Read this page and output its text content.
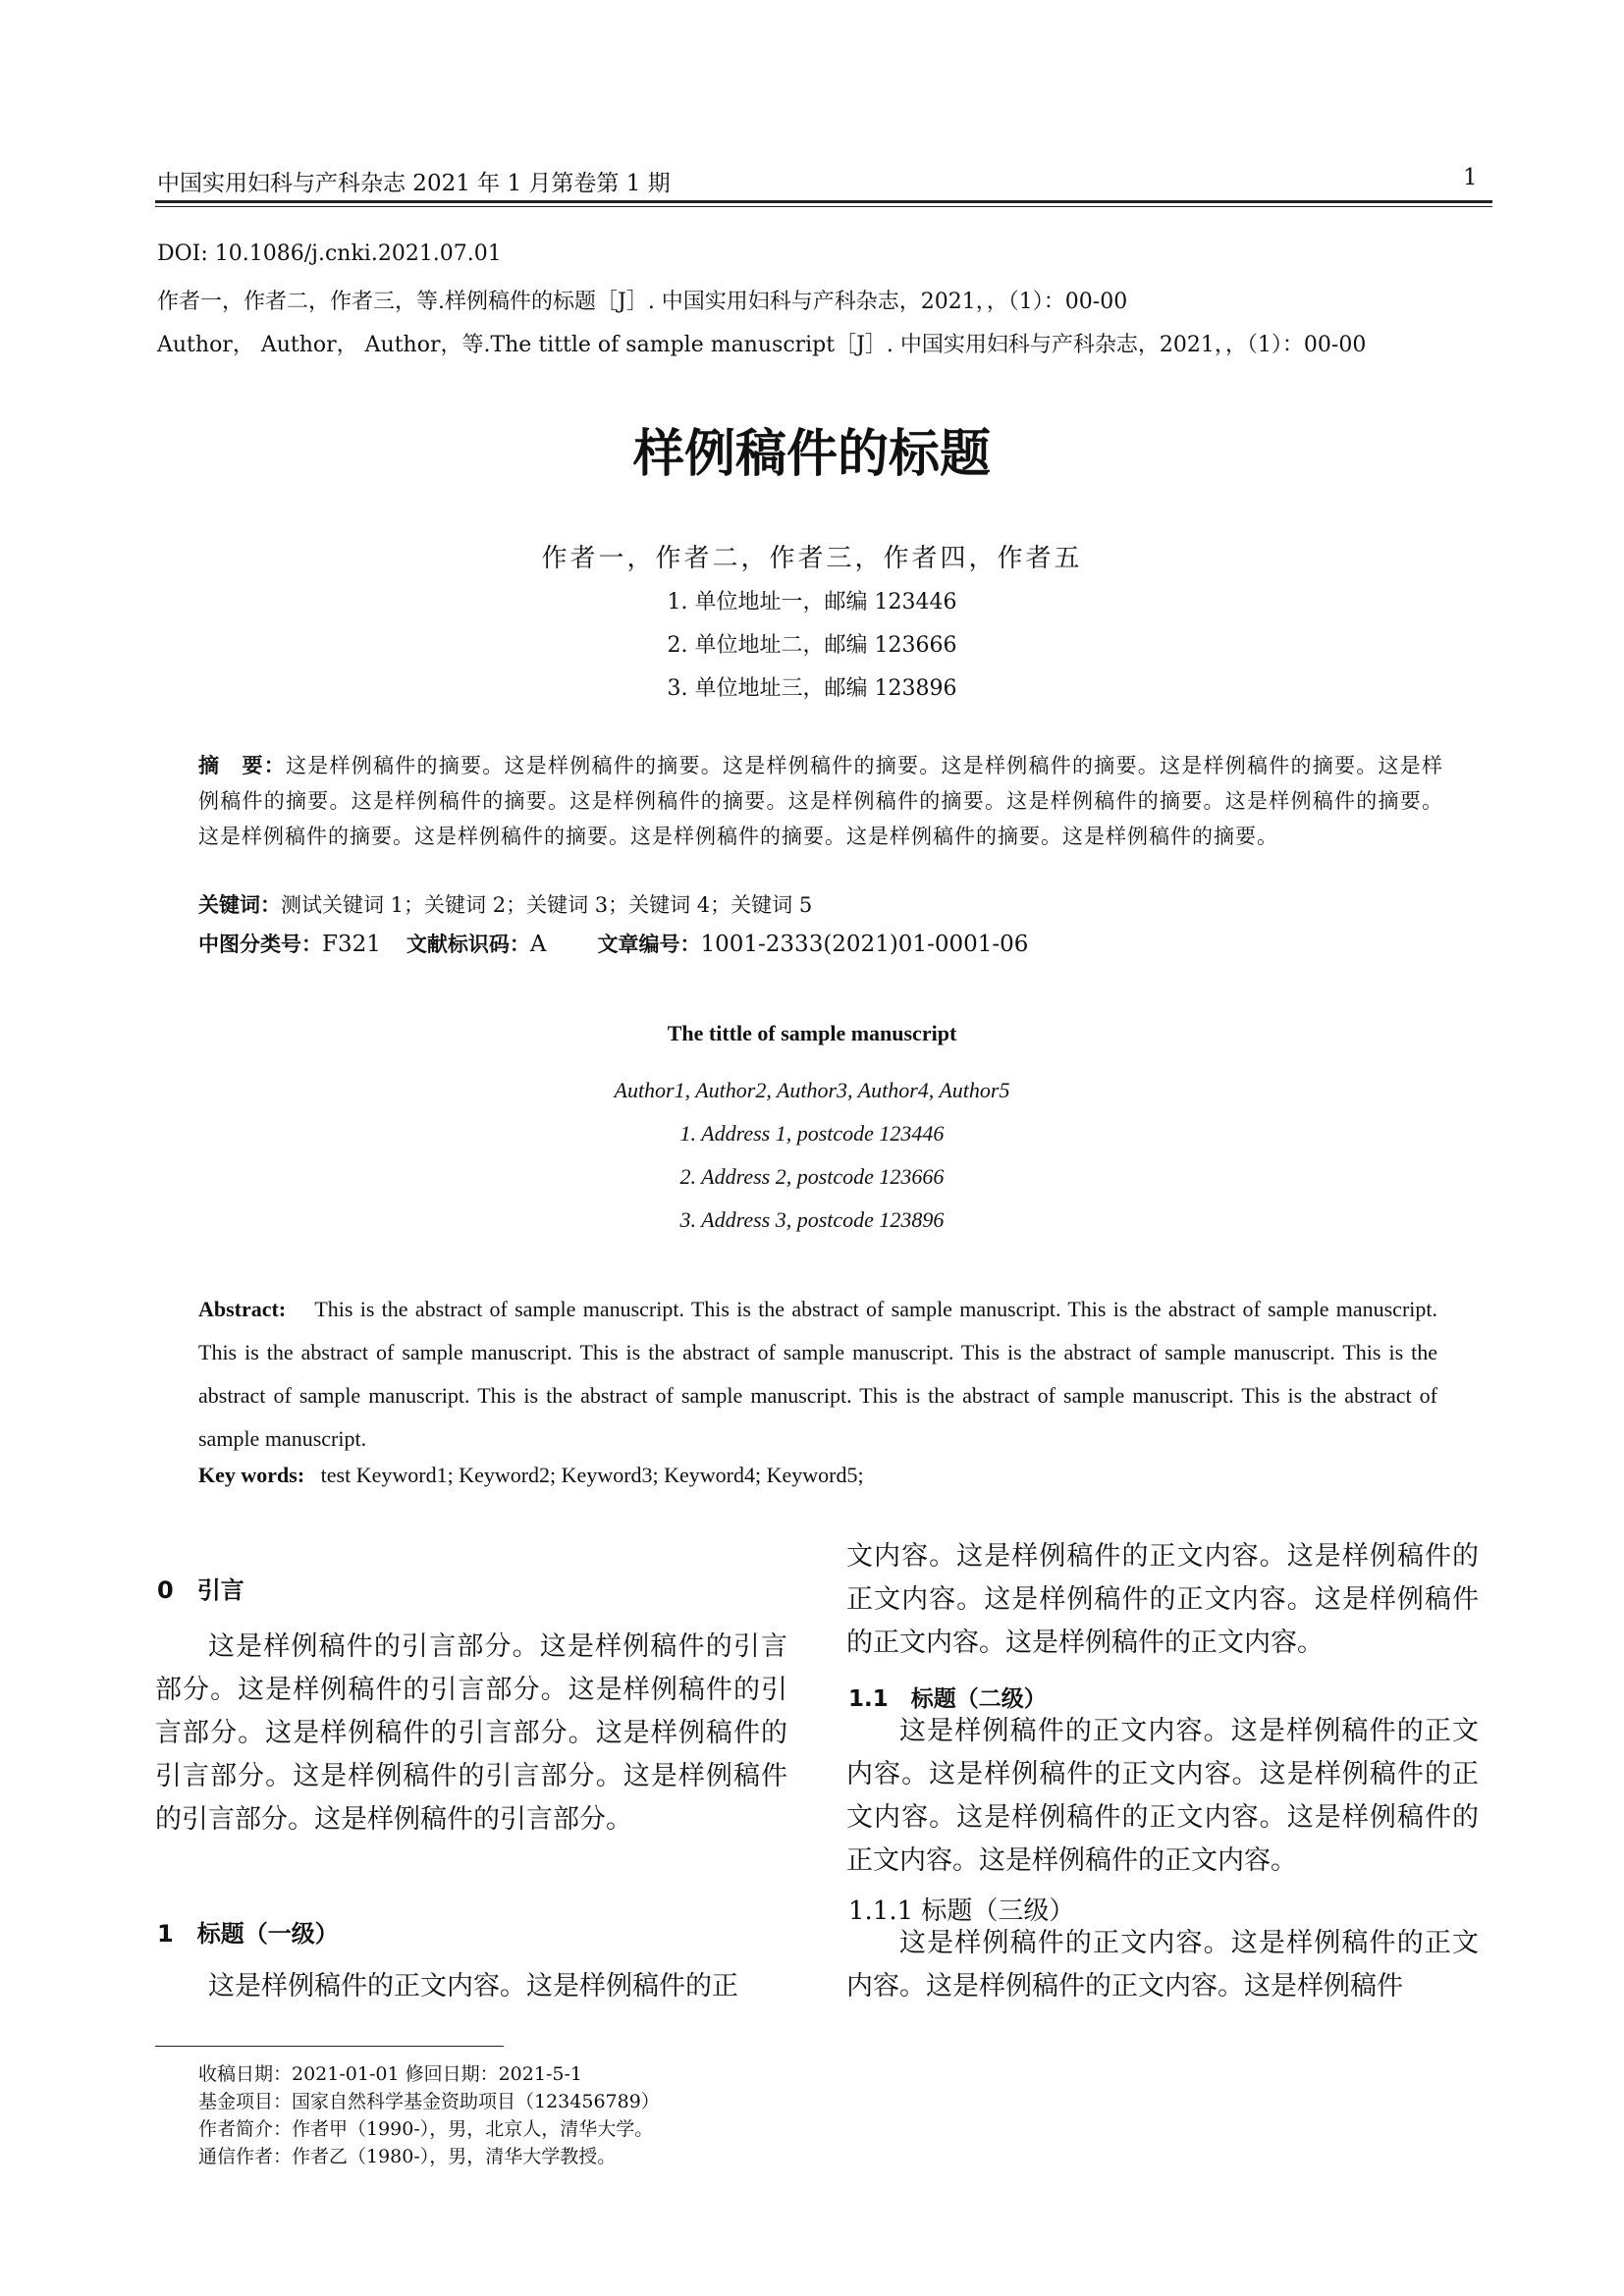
中国实用妇科与产科杂志 2021 年 1 月第卷第 1 期	1
DOI: 10.1086/j.cnki.2021.07.01
作者一，作者二，作者三，等.样例稿件的标题［J］. 中国实用妇科与产科杂志，2021，，（1）：00-00
Author， Author， Author，等.The tittle of sample manuscript［J］. 中国实用妇科与产科杂志，2021，，（1）：00-00
样例稿件的标题
作者一，作者二，作者三，作者四，作者五
1. 单位地址一，邮编 123446
2. 单位地址二，邮编 123666
3. 单位地址三，邮编 123896
摘　要：这是样例稿件的摘要。这是样例稿件的摘要。这是样例稿件的摘要。这是样例稿件的摘要。这是样例稿件的摘要。这是样例稿件的摘要。这是样例稿件的摘要。这是样例稿件的摘要。这是样例稿件的摘要。这是样例稿件的摘要。这是样例稿件的摘要。这是样例稿件的摘要。这是样例稿件的摘要。这是样例稿件的摘要。这是样例稿件的摘要。这是样例稿件的摘要。
关键词：测试关键词 1；关键词 2；关键词 3；关键词 4；关键词 5
中图分类号：F321 文献标识码：A 文章编号：1001-2333(2021)01-0001-06
The tittle of sample manuscript
Author1, Author2, Author3, Author4, Author5
1. Address 1, postcode 123446
2. Address 2, postcode 123666
3. Address 3, postcode 123896
Abstract: This is the abstract of sample manuscript. This is the abstract of sample manuscript. This is the abstract of sample manuscript. This is the abstract of sample manuscript. This is the abstract of sample manuscript. This is the abstract of sample manuscript. This is the abstract of sample manuscript. This is the abstract of sample manuscript. This is the abstract of sample manuscript. This is the abstract of sample manuscript.
Key words: test Keyword1; Keyword2; Keyword3; Keyword4; Keyword5;
0　引言
这是样例稿件的引言部分。这是样例稿件的引言部分。这是样例稿件的引言部分。这是样例稿件的引言部分。这是样例稿件的引言部分。这是样例稿件的引言部分。这是样例稿件的引言部分。这是样例稿件的引言部分。这是样例稿件的引言部分。
1　标题（一级）
这是样例稿件的正文内容。这是样例稿件的正
文内容。这是样例稿件的正文内容。这是样例稿件的正文内容。这是样例稿件的正文内容。这是样例稿件的正文内容。这是样例稿件的正文内容。
1.1　标题（二级）
这是样例稿件的正文内容。这是样例稿件的正文内容。这是样例稿件的正文内容。这是样例稿件的正文内容。这是样例稿件的正文内容。这是样例稿件的正文内容。这是样例稿件的正文内容。
1.1.1 标题（三级）
这是样例稿件的正文内容。这是样例稿件的正文内容。这是样例稿件的正文内容。这是样例稿件
收稿日期：2021-01-01 修回日期：2021-5-1
基金项目：国家自然科学基金资助项目（123456789）
作者简介：作者甲（1990-），男，北京人，清华大学。
通信作者：作者乙（1980-），男，清华大学教授。
